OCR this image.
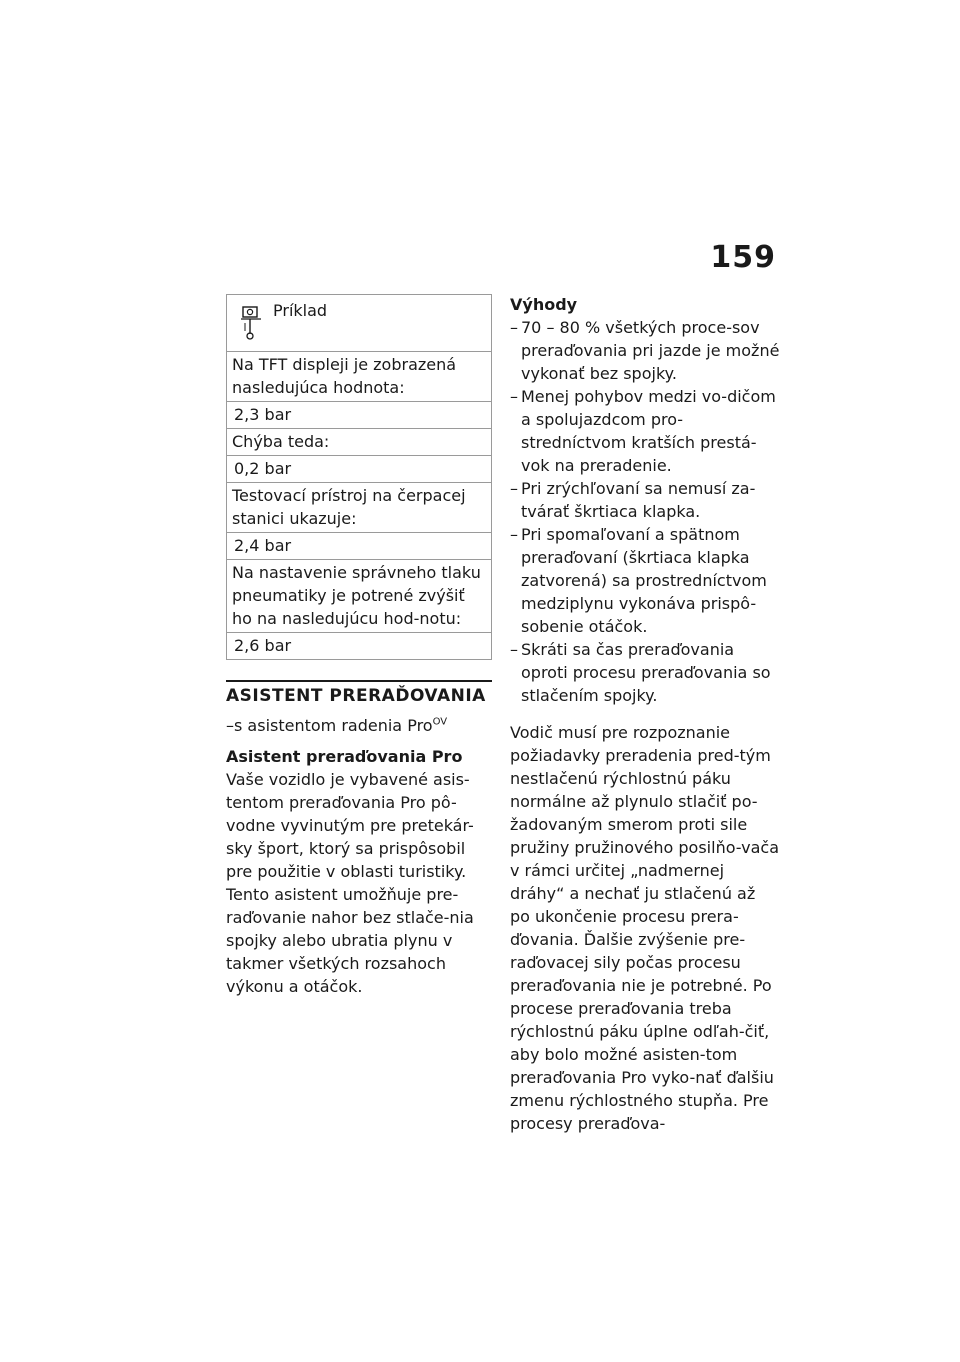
159
Príklad
Na TFT displeji je zobrazená nasledujúca hodnota:
2,3 bar
Chýba teda:
0,2 bar
Testovací prístroj na čerpacej stanici ukazuje:
2,4 bar
Na nastavenie správneho tlaku pneumatiky je potrené zvýšiť ho na nasledujúcu hod-notu:
2,6 bar
ASISTENT PRERAĎOVANIA
–s asistentom radenia Pro$^{OV}$
Asistent preraďovania Pro

Vaše vozidlo je vybavené asis-tentom preraďovania Pro pô-vodne vyvinutým pre pretekár-sky šport, ktorý sa prispôsobil pre použitie v oblasti turistiky. Tento asistent umožňuje pre-raďovanie nahor bez stlače-nia spojky alebo ubratia plynu v takmer všetkých rozsahoch výkonu a otáčok.

Výhody
– 70 – 80 % všetkých proce-sov preraďovania pri jazde je možné vykonať bez spojky.
– Menej pohybov medzi vo-dičom a spolujazdcom pro-stredníctvom kratších prestá-vok na preradenie.
– Pri zrýchľovaní sa nemusí za-tvárať škrtiaca klapka.
– Pri spomaľovaní a spätnom preraďovaní (škrtiaca klapka zatvorená) sa prostredníctvom medziplynu vykonáva prispô-sobenie otáčok.
– Skráti sa čas preraďovania oproti procesu preraďovania so stlačením spojky.

Vodič musí pre rozpoznanie požiadavky preradenia pred-tým nestlačenú rýchlostnú páku normálne až plynulo stlačiť po-žadovaným smerom proti sile pružiny pružinového posilňo-vača v rámci určitej „nadmernej dráhy“ a nechať ju stlačenú až po ukončenie procesu prera-ďovania. Ďalšie zvýšenie pre-raďovacej sily počas procesu preraďovania nie je potrebné. Po procese preraďovania treba rýchlostnú páku úplne odľah-čiť, aby bolo možné asisten-tom preraďovania Pro vyko-nať ďalšiu zmenu rýchlostného stupňa. Pre procesy preraďova-
